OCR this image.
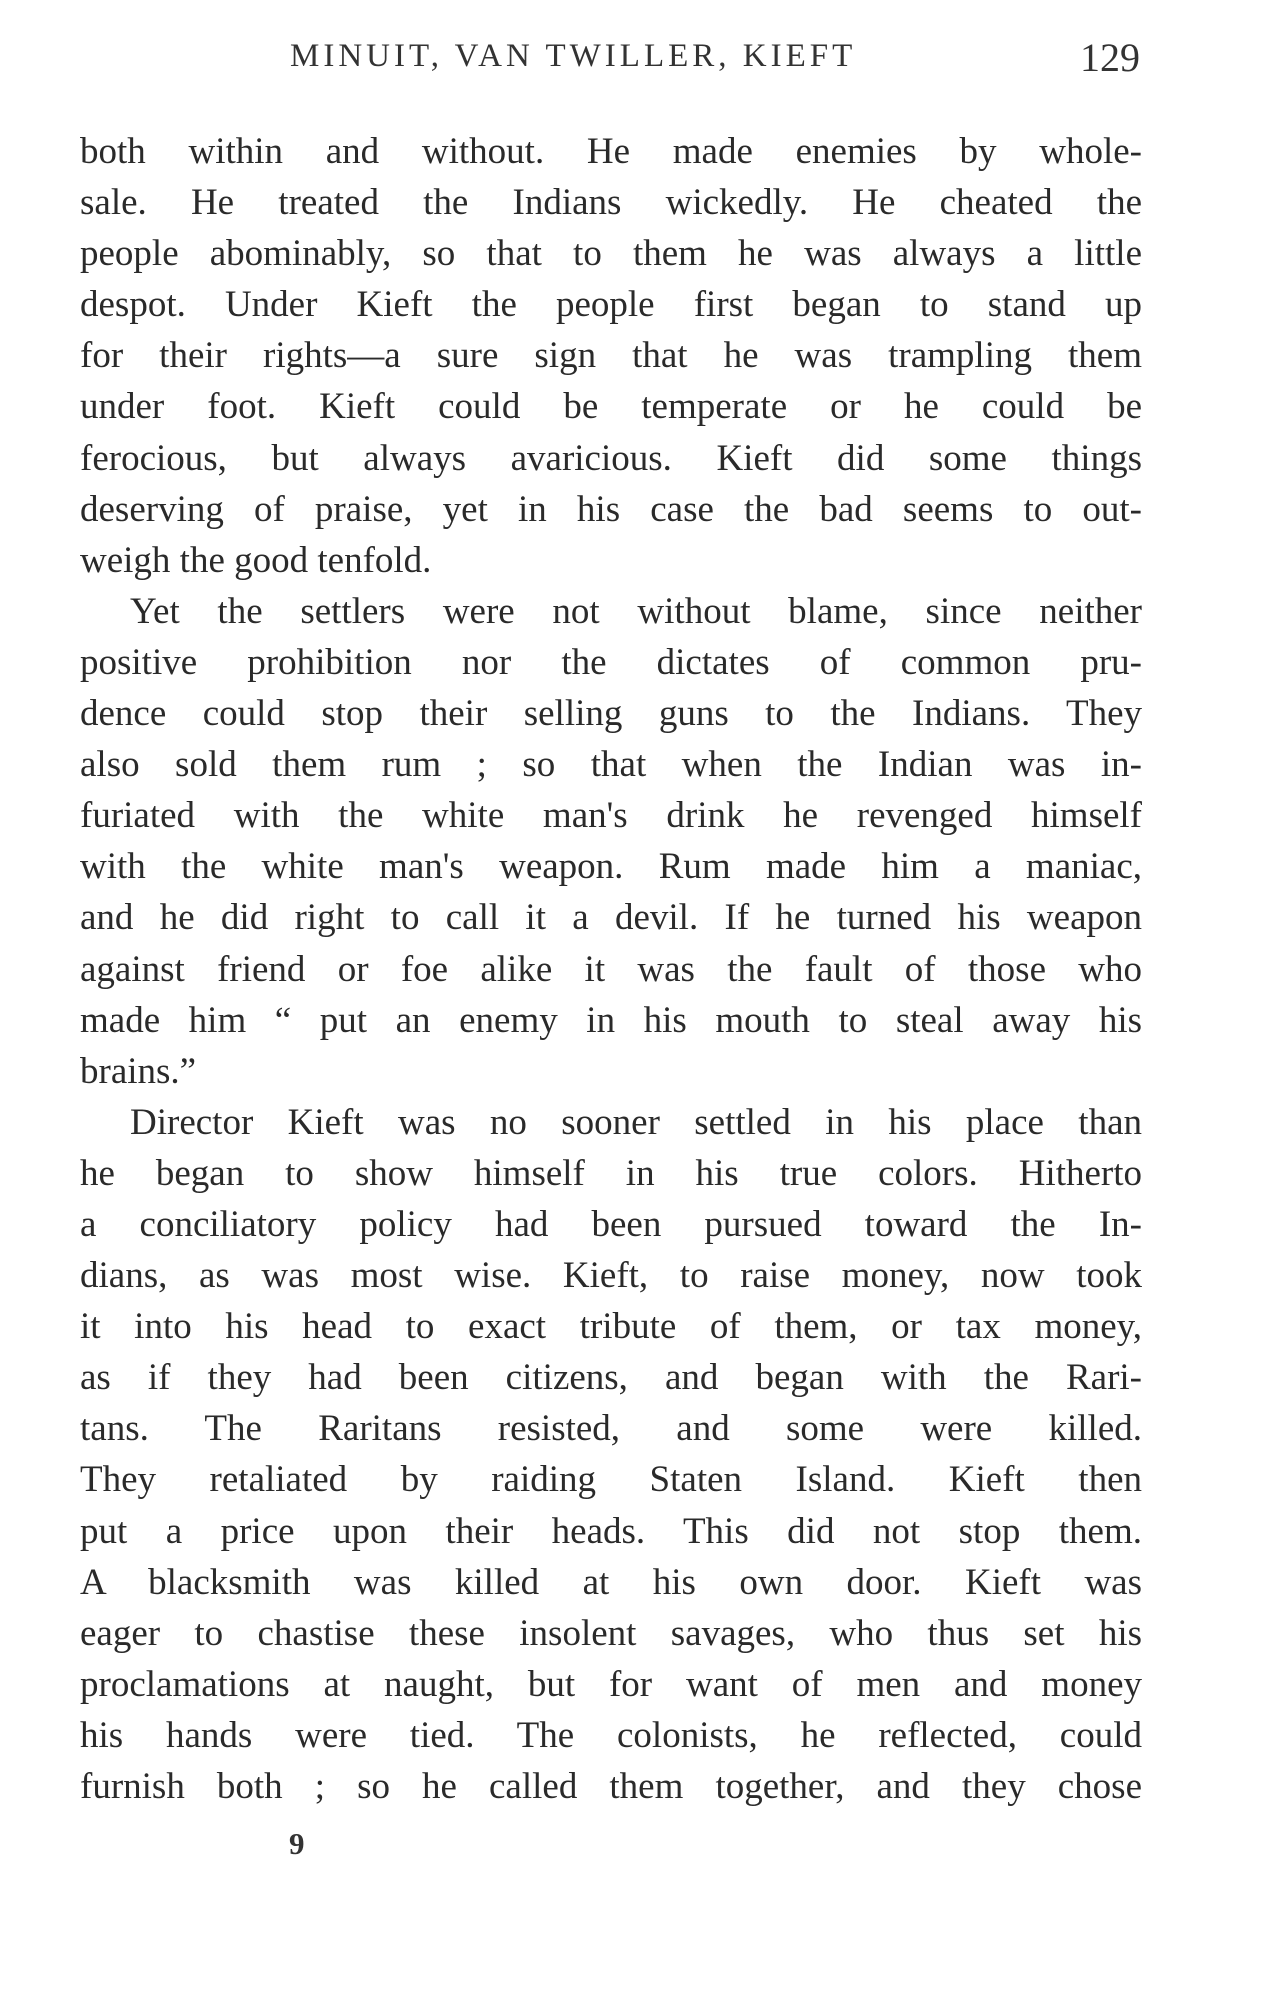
MINUIT, VAN TWILLER, KIEFT	129
both within and without. He made enemies by whole-
sale. He treated the Indians wickedly. He cheated the
people abominably, so that to them he was always a little
despot. Under Kieft the people first began to stand up
for their rights—a sure sign that he was trampling them
under foot. Kieft could be temperate or he could be
ferocious, but always avaricious. Kieft did some things
deserving of praise, yet in his case the bad seems to out-
weigh the good tenfold.
Yet the settlers were not without blame, since neither
positive prohibition nor the dictates of common pru-
dence could stop their selling guns to the Indians. They
also sold them rum ; so that when the Indian was in-
furiated with the white man's drink he revenged himself
with the white man's weapon. Rum made him a maniac,
and he did right to call it a devil. If he turned his weapon
against friend or foe alike it was the fault of those who
made him “ put an enemy in his mouth to steal away his
brains.”
Director Kieft was no sooner settled in his place than
he began to show himself in his true colors. Hitherto
a conciliatory policy had been pursued toward the In-
dians, as was most wise. Kieft, to raise money, now took
it into his head to exact tribute of them, or tax money,
as if they had been citizens, and began with the Rari-
tans. The Raritans resisted, and some were killed.
They retaliated by raiding Staten Island. Kieft then
put a price upon their heads. This did not stop them.
A blacksmith was killed at his own door. Kieft was
eager to chastise these insolent savages, who thus set his
proclamations at naught, but for want of men and money
his hands were tied. The colonists, he reflected, could
furnish both ; so he called them together, and they chose
9
